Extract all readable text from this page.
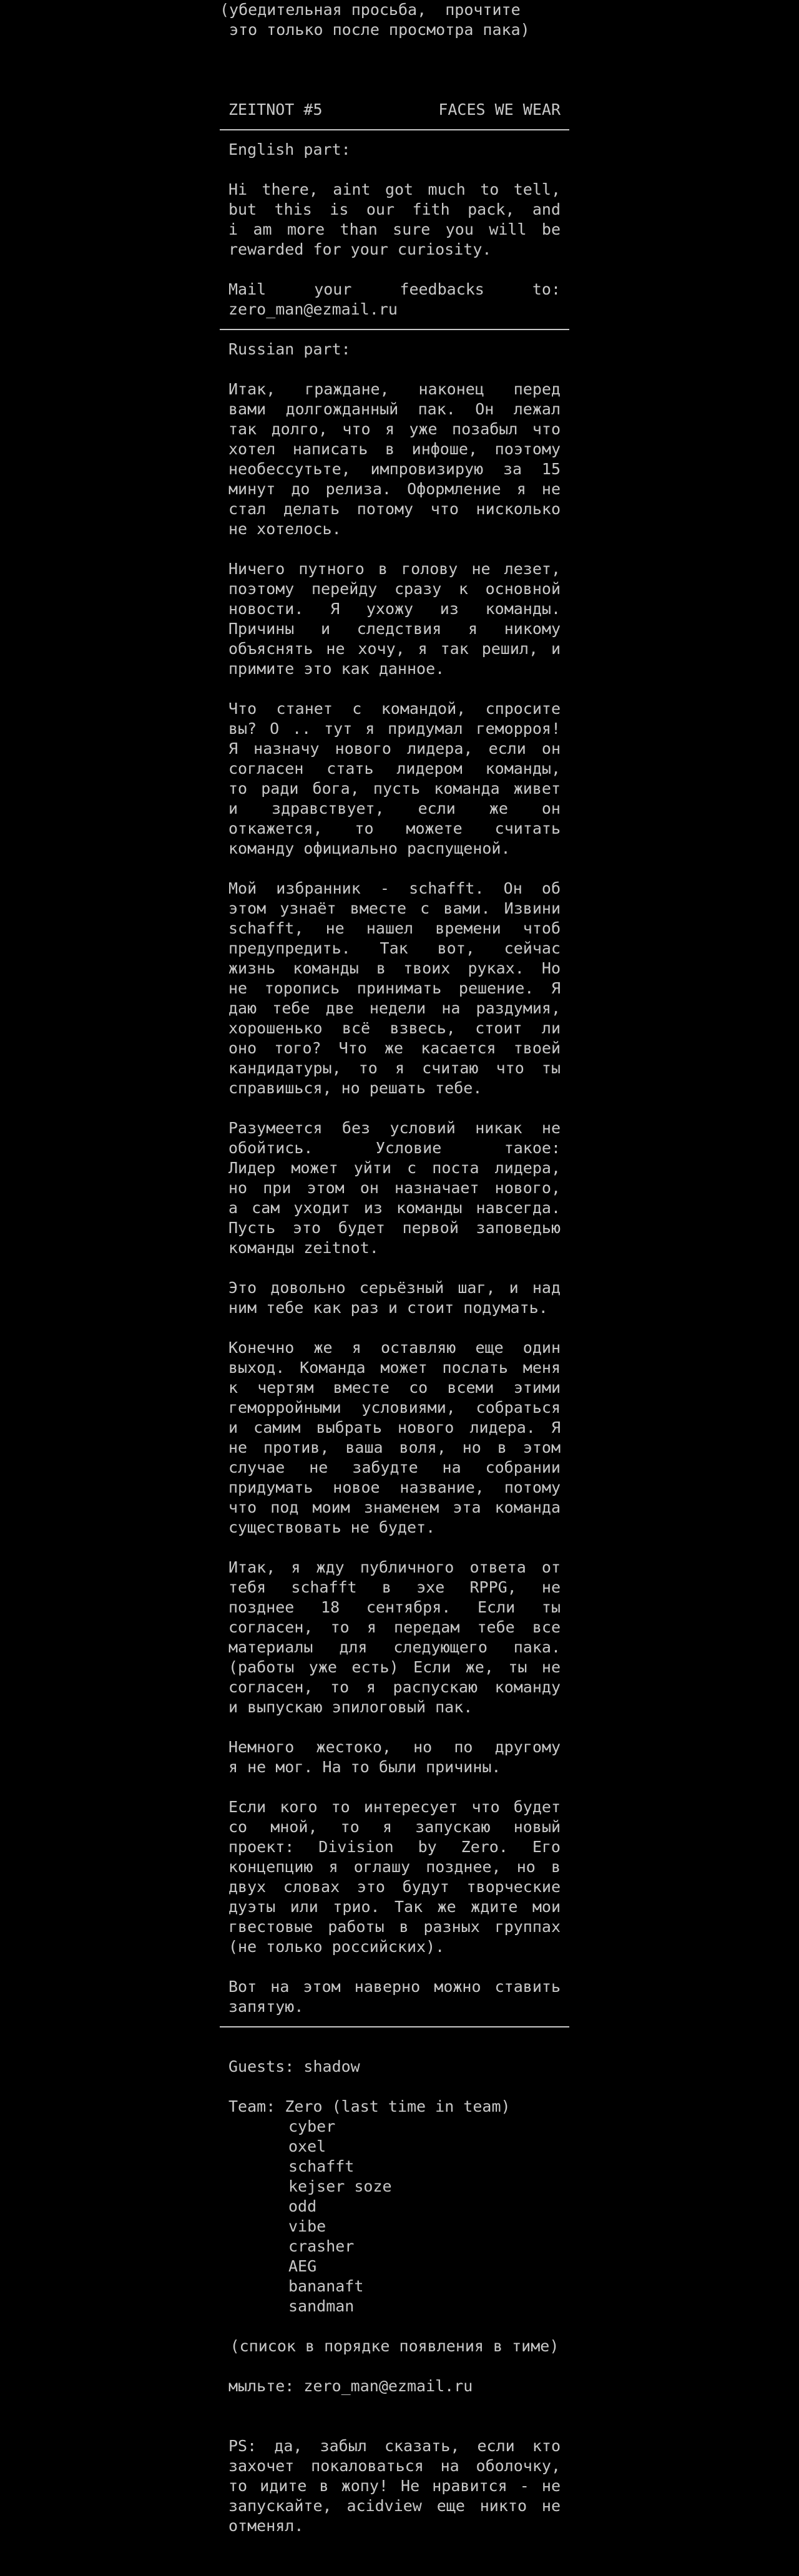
(убедительная просьба,  прочтите
это только после просмотра пака)
ZEITNOT #5	FACES WE WEAR
English part:
Hi there, aint got much to tell,
but this is our fith pack, and
i am more than sure you will be
rewarded for your curiosity.
Mail your feedbacks to:
zero_man@ezmail.ru
Russian part:
Итак, граждане, наконец перед
вами долгожданный пак. Он лежал
так долго, что я уже позабыл что
хотел написать в инфоше, поэтому
необессутьте, импровизирую за 15
минут до релиза. Оформление я не
стал делать потому что нисколько
не хотелось.
Ничего путного в голову не лезет,
поэтому перейду сразу к основной
новости. Я ухожу из команды.
Причины и следствия я никому
объяснять не хочу, я так решил, и
примите это как данное.
Что станет с командой, спросите
вы? О .. тут я придумал геморроя!
Я назначу нового лидера, если он
согласен стать лидером команды,
то ради бога, пусть команда живет
и здравствует, если же он
откажется, то можете считать
команду официально распущеной.
Мой избранник - schafft. Он об
этом узнаёт вместе с вами. Извини
schafft, не нашел времени чтоб
предупредить. Так вот, сейчас
жизнь команды в твоих руках. Но
не торопись принимать решение. Я
даю тебе две недели на раздумия,
хорошенько всё взвесь, стоит ли
оно того? Что же касается твоей
кандидатуры, то я считаю что ты
справишься, но решать тебе.
Разумеется без условий никак не
обойтись. Условие такое:
Лидер может уйти с поста лидера,
но при этом он назначает нового,
а сам уходит из команды навсегда.
Пусть это будет первой заповедью
команды zeitnot.
Это довольно серьёзный шаг, и над
ним тебе как раз и стоит подумать.
Конечно же я оставляю еще один
выход. Команда может послать меня
к чертям вместе со всеми этими
геморройными условиями, собраться
и самим выбрать нового лидера. Я
не против, ваша воля, но в этом
случае не забудте на собрании
придумать новое название, потому
что под моим знаменем эта команда
существовать не будет.
Итак, я жду публичного ответа от
тебя schafft в эхе RPPG, не
позднее 18 сентября. Если ты
согласен, то я передам тебе все
материалы для следующего пака.
(работы уже есть) Если же, ты не
согласен, то я распускаю команду
и выпускаю эпилоговый пак.
Немного жестоко, но по другому
я не мог. На то были причины.
Если кого то интересует что будет
со мной, то я запускаю новый
проект: Division by Zero. Его
концепцию я оглашу позднее, но в
двух словах это будут творческие
дуэты или трио. Так же ждите мои
гвестовые работы в разных группах
(не только российских).
Вот на этом наверно можно ставить
запятую.
Guests: shadow
Team: Zero (last time in team)
cyber
oxel
schafft
kejser soze
odd
vibe
crasher
AEG
bananaft
sandman
(список в порядке появления в тиме)
мыльте: zero_man@ezmail.ru
PS: да, забыл сказать, если кто
захочет покаловаться на оболочку,
то идите в жопу! Не нравится - не
запускайте, acidview еще никто не
отменял.
